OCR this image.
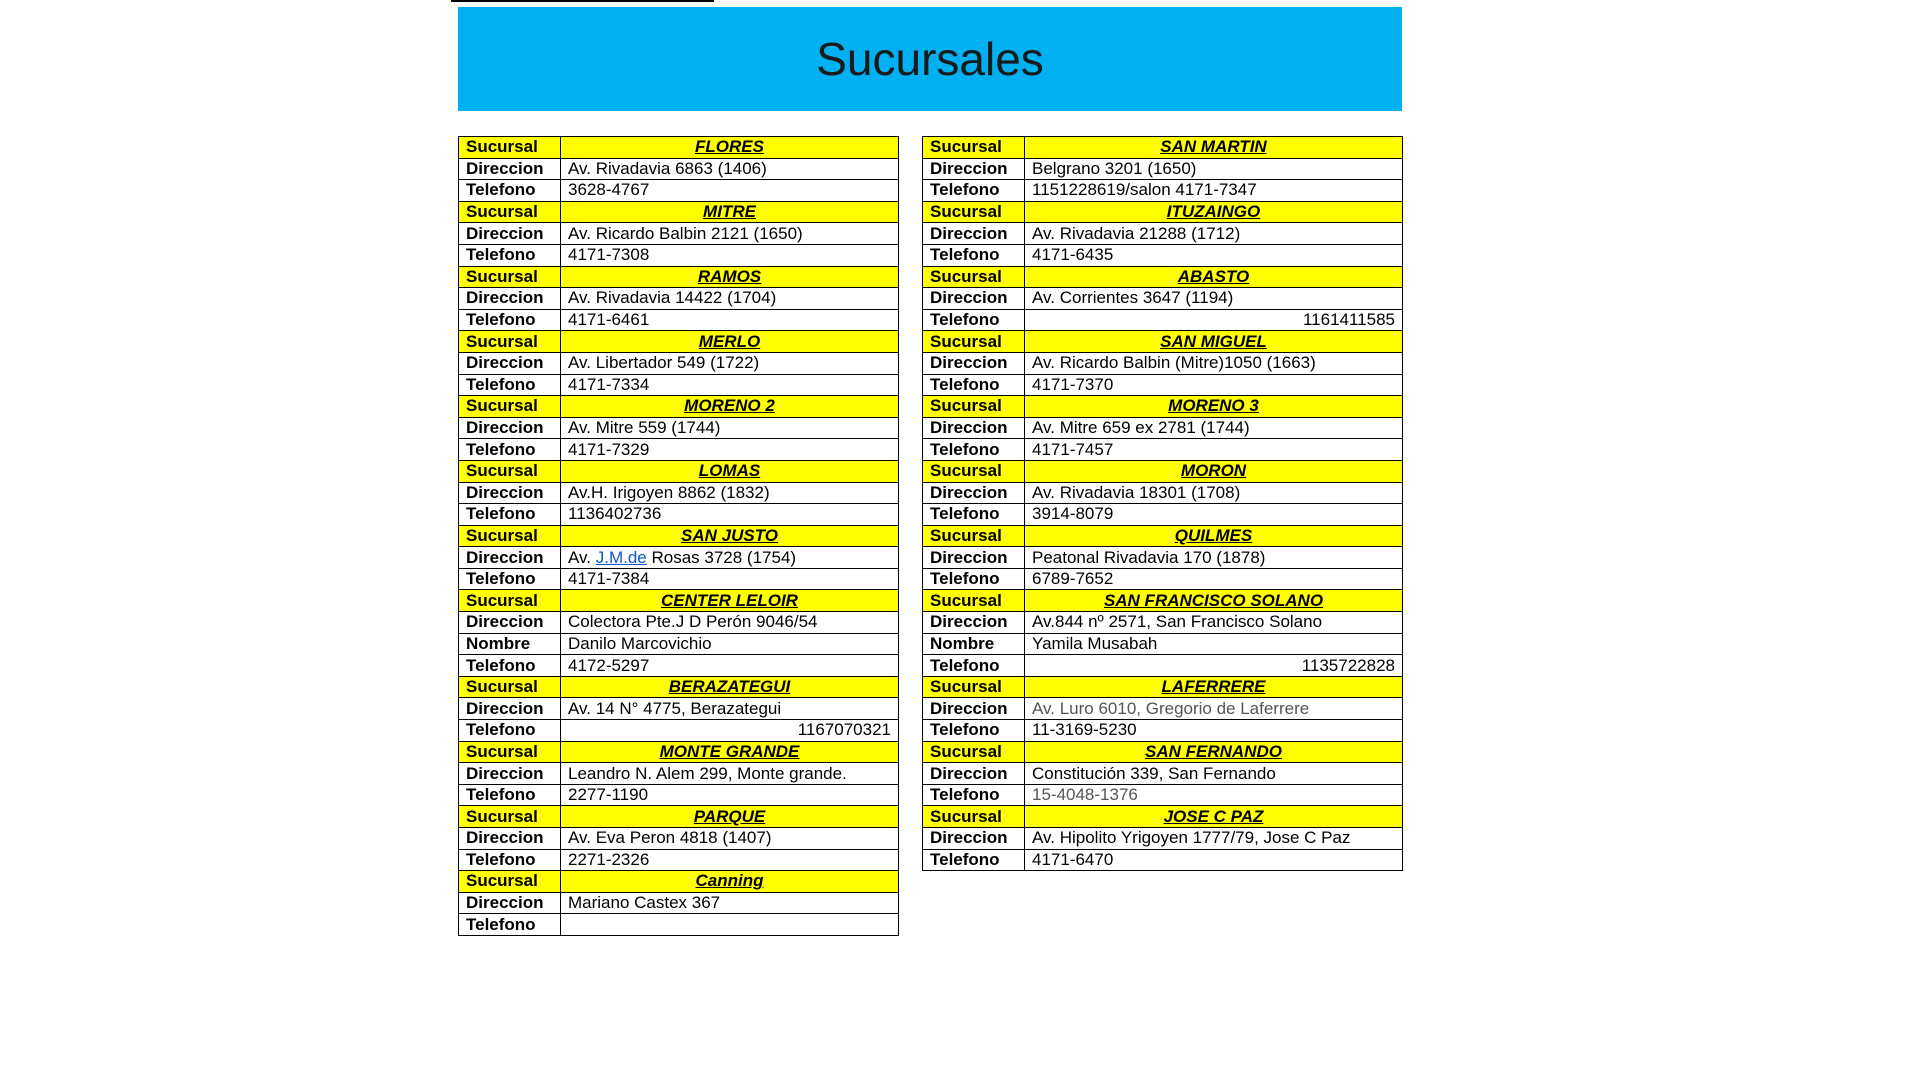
Sucursales
Sucursal	FLORES
Direccion	Av. Rivadavia 6863 (1406)
Telefono	3628-4767
Sucursal	MITRE
Direccion	Av. Ricardo Balbin 2121 (1650)
Telefono	4171-7308
Sucursal	RAMOS
Direccion	Av. Rivadavia 14422 (1704)
Telefono	4171-6461
Sucursal	MERLO
Direccion	Av. Libertador 549 (1722)
Telefono	4171-7334
Sucursal	MORENO 2
Direccion	Av. Mitre 559 (1744)
Telefono	4171-7329
Sucursal	LOMAS
Direccion	Av.H. Irigoyen 8862 (1832)
Telefono	1136402736
Sucursal	SAN JUSTO
Direccion	Av. J.M.de Rosas 3728 (1754)
Telefono	4171-7384
Sucursal	CENTER LELOIR
Direccion	Colectora Pte.J D Perón 9046/54
Nombre	Danilo Marcovichio
Telefono	4172-5297
Sucursal	BERAZATEGUI
Direccion	Av. 14 N° 4775, Berazategui
Telefono	1167070321
Sucursal	MONTE GRANDE
Direccion	Leandro N. Alem 299, Monte grande.
Telefono	2277-1190
Sucursal	PARQUE
Direccion	Av. Eva Peron 4818 (1407)
Telefono	2271-2326
Sucursal	Canning
Direccion	Mariano Castex 367
Telefono	
Sucursal	SAN MARTIN
Direccion	Belgrano 3201 (1650)
Telefono	1151228619/salon 4171-7347
Sucursal	ITUZAINGO
Direccion	Av. Rivadavia 21288 (1712)
Telefono	4171-6435
Sucursal	ABASTO
Direccion	Av. Corrientes 3647 (1194)
Telefono	1161411585
Sucursal	SAN MIGUEL
Direccion	Av. Ricardo Balbin (Mitre)1050 (1663)
Telefono	4171-7370
Sucursal	MORENO 3
Direccion	Av. Mitre 659 ex 2781 (1744)
Telefono	4171-7457
Sucursal	MORON
Direccion	Av. Rivadavia 18301 (1708)
Telefono	3914-8079
Sucursal	QUILMES
Direccion	Peatonal Rivadavia 170 (1878)
Telefono	6789-7652
Sucursal	SAN FRANCISCO SOLANO
Direccion	Av.844 nº 2571, San Francisco Solano
Nombre	Yamila Musabah
Telefono	1135722828
Sucursal	LAFERRERE
Direccion	Av. Luro 6010, Gregorio de Laferrere
Telefono	11-3169-5230
Sucursal	SAN FERNANDO
Direccion	Constitución 339, San Fernando
Telefono	15-4048-1376
Sucursal	JOSE C PAZ
Direccion	Av. Hipolito Yrigoyen 1777/79, Jose C Paz
Telefono	4171-6470
